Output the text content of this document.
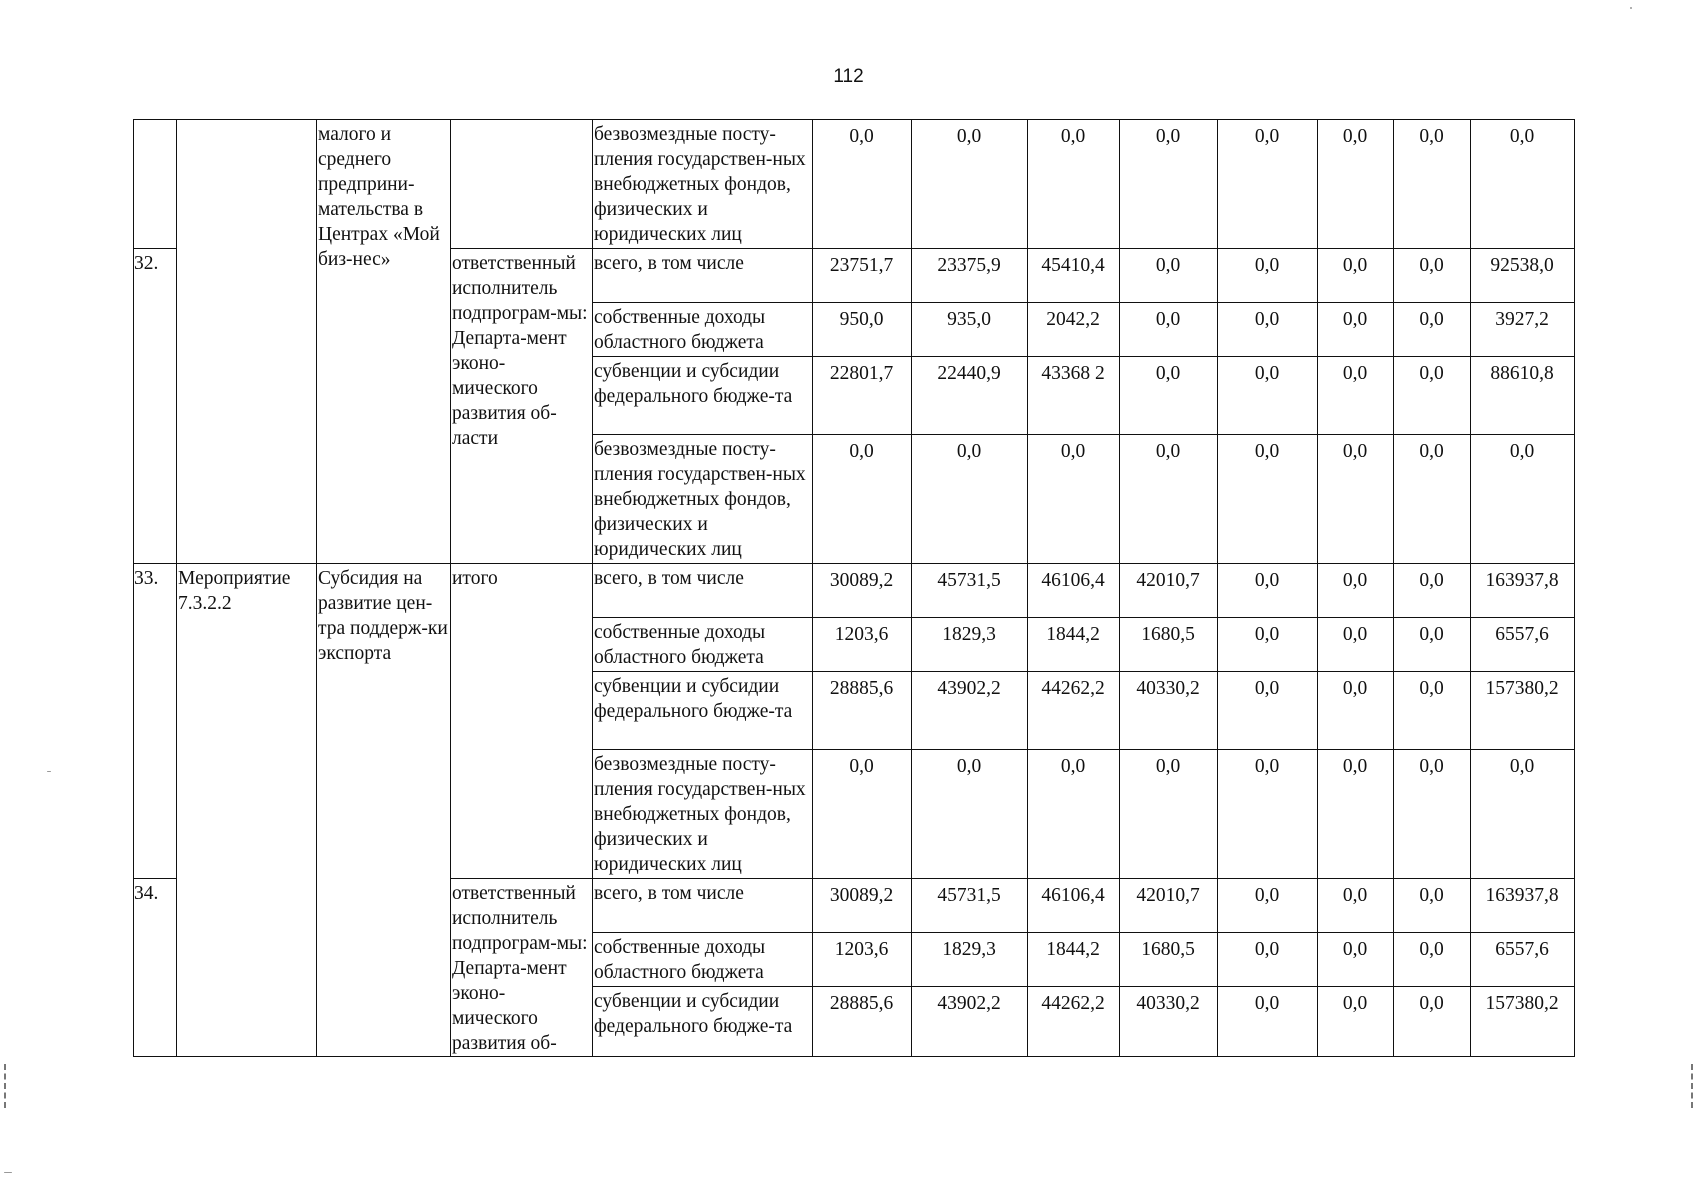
112
		малого и среднего предприни-мательства в Центрах «Мой биз-нес»		безвозмездные посту-пления государствен-ных внебюджетных фондов, физических и юридических лиц	0,0	0,0	0,0	0,0	0,0	0,0	0,0	0,0
32.			ответственный исполнитель подпрограм-мы: Департа-мент эконо-мического развития об-ласти	всего, в том числе	23751,7	23375,9	45410,4	0,0	0,0	0,0	0,0	92538,0
				собственные доходы областного бюджета	950,0	935,0	2042,2	0,0	0,0	0,0	0,0	3927,2
				субвенции и субсидии федерального бюдже-та	22801,7	22440,9	43368 2	0,0	0,0	0,0	0,0	88610,8
				безвозмездные посту-пления государствен-ных внебюджетных фондов, физических и юридических лиц	0,0	0,0	0,0	0,0	0,0	0,0	0,0	0,0
33.	Мероприятие 7.3.2.2	Субсидия на развитие цен-тра поддерж-ки экспорта	итого	всего, в том числе	30089,2	45731,5	46106,4	42010,7	0,0	0,0	0,0	163937,8
				собственные доходы областного бюджета	1203,6	1829,3	1844,2	1680,5	0,0	0,0	0,0	6557,6
				субвенции и субсидии федерального бюдже-та	28885,6	43902,2	44262,2	40330,2	0,0	0,0	0,0	157380,2
				безвозмездные посту-пления государствен-ных внебюджетных фондов, физических и юридических лиц	0,0	0,0	0,0	0,0	0,0	0,0	0,0	0,0
34.			ответственный исполнитель подпрограм-мы: Департа-мент эконо-мического развития об-	всего, в том числе	30089,2	45731,5	46106,4	42010,7	0,0	0,0	0,0	163937,8
				собственные доходы областного бюджета	1203,6	1829,3	1844,2	1680,5	0,0	0,0	0,0	6557,6
				субвенции и субсидии федерального бюдже-та	28885,6	43902,2	44262,2	40330,2	0,0	0,0	0,0	157380,2
